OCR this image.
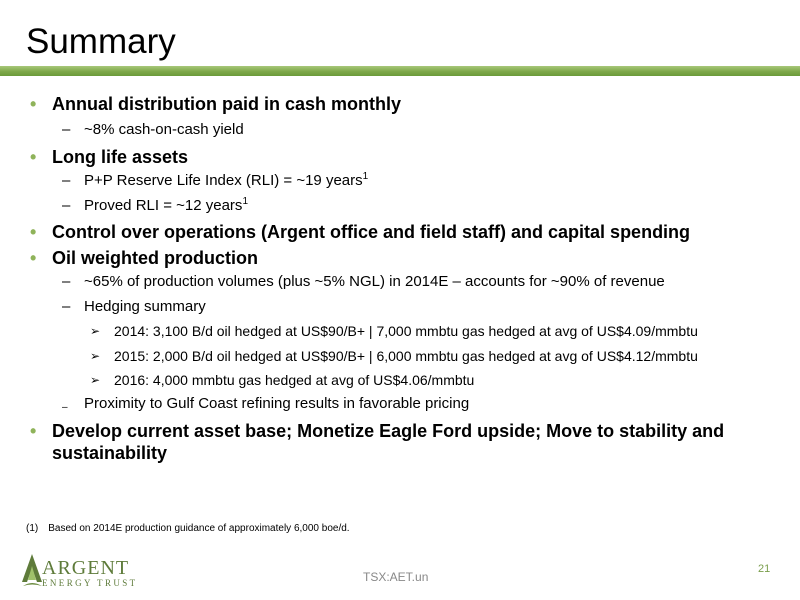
Summary
• Annual distribution paid in cash monthly
– ~8% cash-on-cash yield
• Long life assets
– P+P Reserve Life Index (RLI) = ~19 years$^1$
– Proved RLI = ~12 years$^1$
• Control over operations (Argent office and field staff) and capital spending
• Oil weighted production
– ~65% of production volumes (plus ~5% NGL) in 2014E – accounts for ~90% of revenue
– Hedging summary
➢ 2014: 3,100 B/d oil hedged at US$90/B+ | 7,000 mmbtu gas hedged at avg of US$4.09/mmbtu
➢ 2015: 2,000 B/d oil hedged at US$90/B+ | 6,000 mmbtu gas hedged at avg of US$4.12/mmbtu
➢ 2016: 4,000 mmbtu gas hedged at avg of US$4.06/mmbtu
–	Proximity to Gulf Coast refining results in favorable pricing
• Develop current asset base; Monetize Eagle Ford upside; Move to stability and sustainability
(1) Based on 2014E production guidance of approximately 6,000 boe/d.
ARGENT
ENERGY TRUST	TSX:AET.un
21
